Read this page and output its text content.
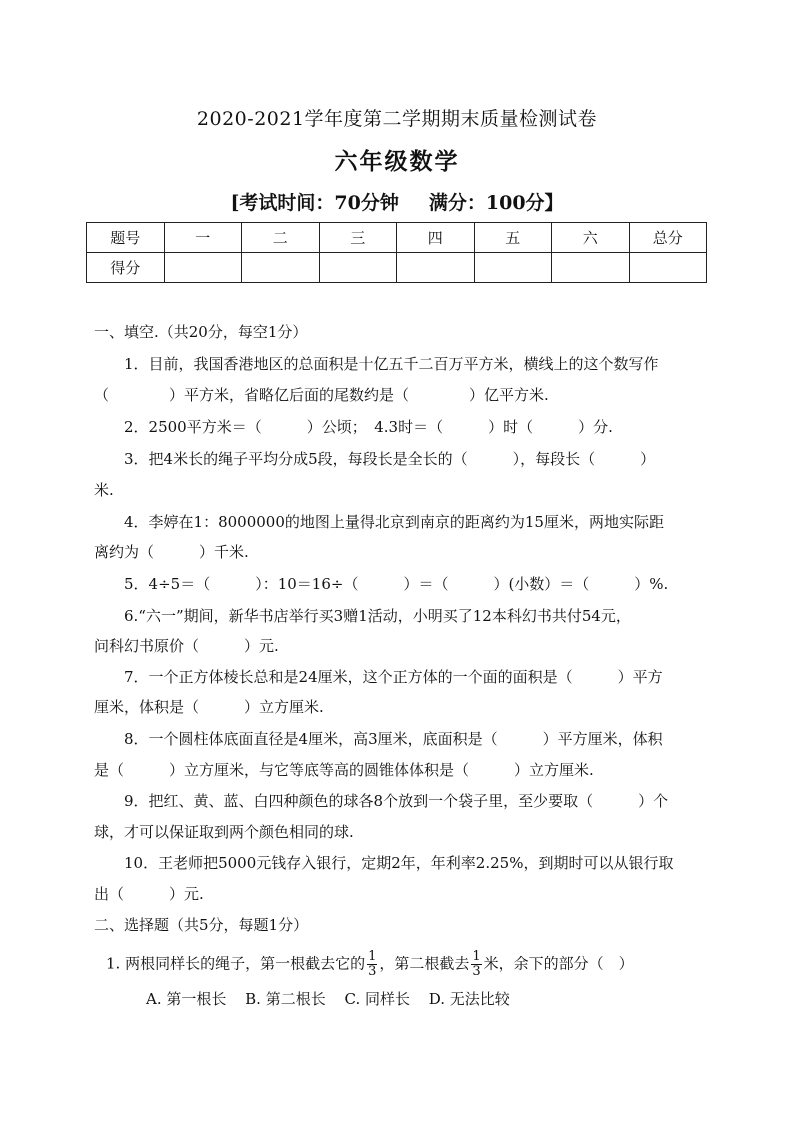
2020-2021学年度第二学期期末质量检测试卷
六年级数学
[考试时间：70分钟 满分：100分】
题号	一	二	三	四	五	六	总分
得分							
一、填空.（共20分，每空1分）
1．目前，我国香港地区的总面积是十亿五千二百万平方米，横线上的这个数写作
（　　　　）平方米，省略亿后面的尾数约是（　　　　）亿平方米.
2．2500平方米＝（　　　）公顷；　4.3时＝（　　　）时（　　　）分.
3．把4米长的绳子平均分成5段，每段长是全长的（　　　），每段长（　　　）
米.
4．李婷在1：8000000的地图上量得北京到南京的距离约为15厘米，两地实际距
离约为（　　　）千米.
5．4÷5＝（　　　）：10＝16÷（　　　）＝（　　　）(小数）＝（　　　）%.
6.“六一”期间，新华书店举行买3赠1活动，小明买了12本科幻书共付54元，
问科幻书原价（　　　）元.
7．一个正方体棱长总和是24厘米，这个正方体的一个面的面积是（　　　）平方
厘米，体积是（　　　）立方厘米.
8．一个圆柱体底面直径是4厘米，高3厘米，底面积是（　　　）平方厘米，体积
是（　　　）立方厘米，与它等底等高的圆锥体体积是（　　　）立方厘米.
9．把红、黄、蓝、白四种颜色的球各8个放到一个袋子里，至少要取（　　　）个
球，才可以保证取到两个颜色相同的球.
10．王老师把5000元钱存入银行，定期2年，年利率2.25%，到期时可以从银行取
出（　　　）元.
二、选择题（共5分，每题1分）
1. 两根同样长的绳子，第一根截去它的 $\frac{1}{3}$ ，第二根截去 $\frac{1}{3}$ 米，余下的部分（　）
A. 第一根长 B. 第二根长 C. 同样长 D. 无法比较
